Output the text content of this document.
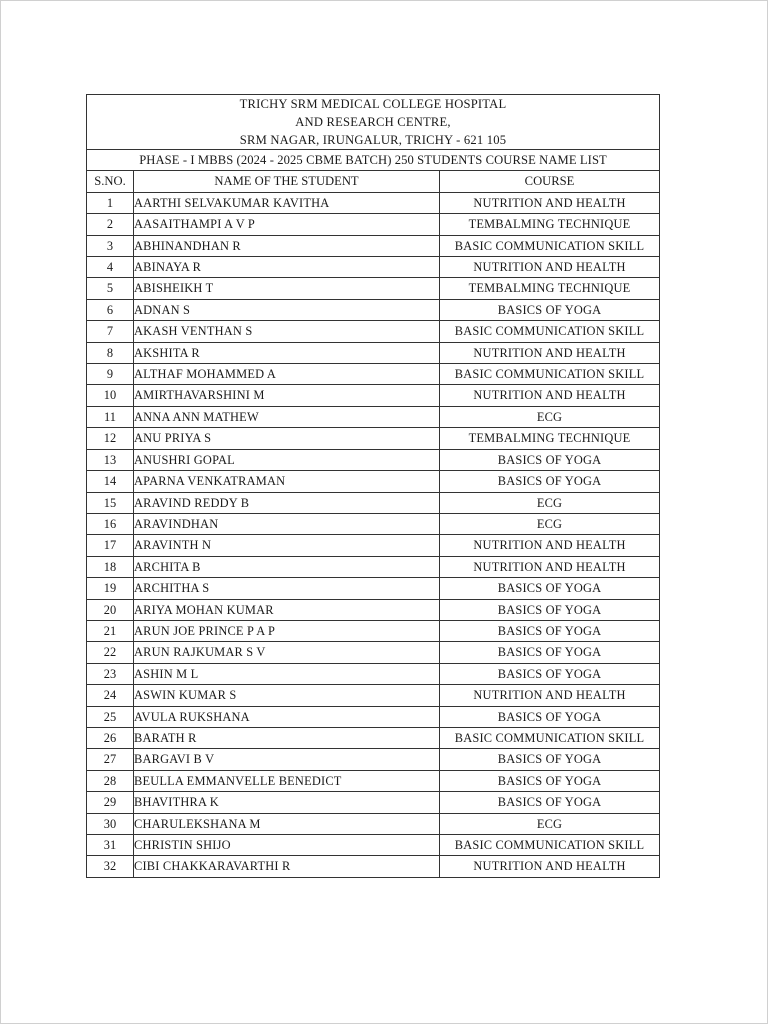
TRICHY SRM MEDICAL COLLEGE HOSPITAL
AND RESEARCH CENTRE,
SRM NAGAR, IRUNGALUR, TRICHY - 621 105		

PHASE - I MBBS (2024 - 2025 CBME BATCH) 250 STUDENTS COURSE NAME LIST		
S.NO.	NAME OF THE STUDENT	COURSE
1	AARTHI SELVAKUMAR KAVITHA	NUTRITION AND HEALTH
2	AASAITHAMPI A V P	TEMBALMING TECHNIQUE
3	ABHINANDHAN R	BASIC COMMUNICATION SKILL
4	ABINAYA R	NUTRITION AND HEALTH
5	ABISHEIKH T	TEMBALMING TECHNIQUE
6	ADNAN S	BASICS OF YOGA
7	AKASH VENTHAN S	BASIC COMMUNICATION SKILL
8	AKSHITA R	NUTRITION AND HEALTH
9	ALTHAF MOHAMMED A	BASIC COMMUNICATION SKILL
10	AMIRTHAVARSHINI M	NUTRITION AND HEALTH
11	ANNA ANN MATHEW	ECG
12	ANU PRIYA S	TEMBALMING TECHNIQUE
13	ANUSHRI GOPAL	BASICS OF YOGA
14	APARNA VENKATRAMAN	BASICS OF YOGA
15	ARAVIND REDDY B	ECG
16	ARAVINDHAN	ECG
17	ARAVINTH N	NUTRITION AND HEALTH
18	ARCHITA B	NUTRITION AND HEALTH
19	ARCHITHA S	BASICS OF YOGA
20	ARIYA MOHAN KUMAR	BASICS OF YOGA
21	ARUN JOE PRINCE P A P	BASICS OF YOGA
22	ARUN RAJKUMAR S V	BASICS OF YOGA
23	ASHIN M L	BASICS OF YOGA
24	ASWIN KUMAR S	NUTRITION AND HEALTH
25	AVULA RUKSHANA	BASICS OF YOGA
26	BARATH R	BASIC COMMUNICATION SKILL
27	BARGAVI B V	BASICS OF YOGA
28	BEULLA EMMANVELLE BENEDICT	BASICS OF YOGA
29	BHAVITHRA K	BASICS OF YOGA
30	CHARULEKSHANA M	ECG
31	CHRISTIN SHIJO	BASIC COMMUNICATION SKILL
32	CIBI CHAKKARAVARTHI R	NUTRITION AND HEALTH
